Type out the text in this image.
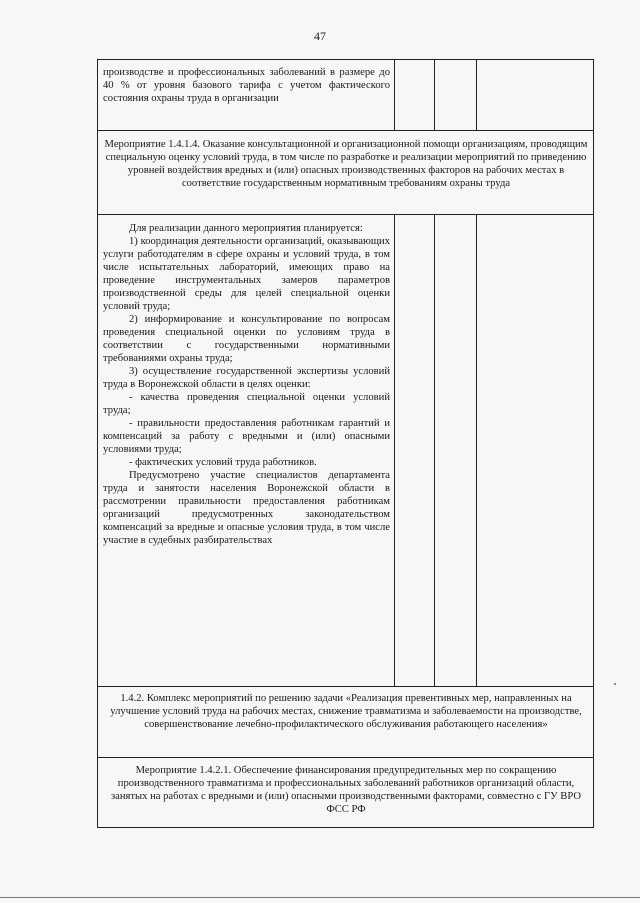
47
производстве и профессиональных заболеваний в размере до 40 % от уровня базового тарифа с учетом фактического состояния охраны труда в организации
Мероприятие 1.4.1.4. Оказание консультационной и организационной помощи организациям, проводящим специальную оценку условий труда, в том числе по разработке и реализации мероприятий по приведению уровней воздействия вредных и (или) опасных производственных факторов на рабочих местах в соответствие государственным нормативным требованиям охраны труда

Для реализации данного мероприятия планируется:

1) координация деятельности организаций, оказывающих услуги работодателям в сфере охраны и условий труда, в том числе испытательных лабораторий, имеющих право на проведение инструментальных замеров параметров производственной среды для целей специальной оценки условий труда;

2) информирование и консультирование по вопросам проведения специальной оценки по условиям труда в соответствии с государственными нормативными требованиями охраны труда;

3) осуществление государственной экспертизы условий труда в Воронежской области в целях оценки:

- качества проведения специальной оценки условий труда;

- правильности предоставления работникам гарантий и компенсаций за работу с вредными и (или) опасными условиями труда;

- фактических условий труда работников.

Предусмотрено участие специалистов департамента труда и занятости населения Воронежской области в рассмотрении правильности предоставления работникам организаций предусмотренных законодательством компенсаций за вредные и опасные условия труда, в том числе участие в судебных разбирательствах

1.4.2. Комплекс мероприятий по решению задачи «Реализация превентивных мер, направленных на улучшение условий труда на рабочих местах, снижение травматизма и заболеваемости на производстве, совершенствование лечебно-профилактического обслуживания работающего населения»
Мероприятие 1.4.2.1. Обеспечение финансирования предупредительных мер по сокращению производственного травматизма и профессиональных заболеваний работников организаций области, занятых на работах с вредными и (или) опасными производственными факторами, совместно с ГУ ВРО ФСС РФ
